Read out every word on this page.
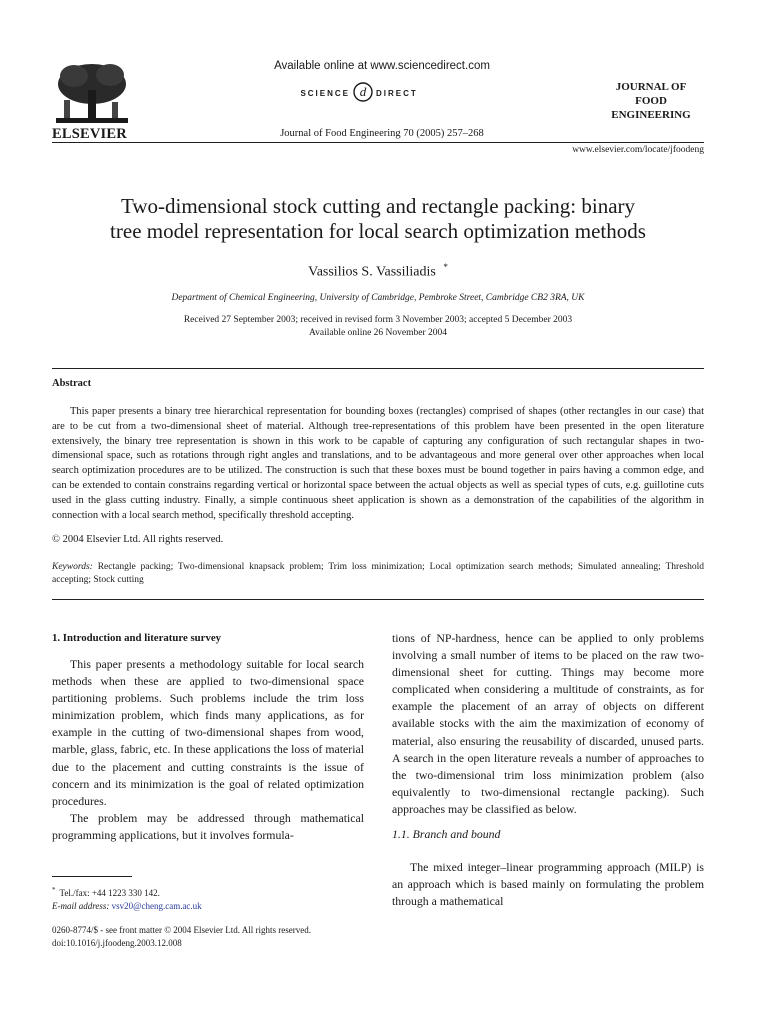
ELSEVIER
Available online at www.sciencedirect.com
SCIENCE d DIRECT
Journal of Food Engineering 70 (2005) 257–268
JOURNAL OF
FOOD
ENGINEERING
www.elsevier.com/locate/jfoodeng
Two-dimensional stock cutting and rectangle packing: binary
tree model representation for local search optimization methods
Vassilios S. Vassiliadis *
Department of Chemical Engineering, University of Cambridge, Pembroke Street, Cambridge CB2 3RA, UK
Received 27 September 2003; received in revised form 3 November 2003; accepted 5 December 2003
Available online 26 November 2004
Abstract
This paper presents a binary tree hierarchical representation for bounding boxes (rectangles) comprised of shapes (other rectangles in our case) that are to be cut from a two-dimensional sheet of material. Although tree-representations of this problem have been presented in the open literature extensively, the binary tree representation is shown in this work to be capable of capturing any configuration of such rectangular shapes in two-dimensional space, such as rotations through right angles and translations, and to be advantageous and more general over other approaches when local search optimization procedures are to be utilized. The construction is such that these boxes must be bound together in pairs having a common edge, and can be extended to contain constrains regarding vertical or horizontal space between the actual objects as well as special types of cuts, e.g. guillotine cuts used in the glass cutting industry. Finally, a simple continuous sheet application is shown as a demonstration of the capabilities of the algorithm in connection with a local search method, specifically threshold accepting.
© 2004 Elsevier Ltd. All rights reserved.
Keywords: Rectangle packing; Two-dimensional knapsack problem; Trim loss minimization; Local optimization search methods; Simulated annealing; Threshold accepting; Stock cutting
1. Introduction and literature survey

This paper presents a methodology suitable for local search methods when these are applied to two-dimensional space partitioning problems. Such problems include the trim loss minimization problem, which finds many applications, as for example in the cutting of two-dimensional shapes from wood, marble, glass, fabric, etc. In these applications the loss of material due to the placement and cutting constraints is the issue of concern and its minimization is the goal of related optimization procedures.

The problem may be addressed through mathematical programming applications, but it involves formula-

tions of NP-hardness, hence can be applied to only problems involving a small number of items to be placed on the raw two-dimensional sheet for cutting. Things may become more complicated when considering a multitude of constraints, as for example the placement of an array of objects on different available stocks with the aim the maximization of economy of material, also ensuring the reusability of discarded, unused parts. A search in the open literature reveals a number of approaches to the two-dimensional trim loss minimization problem (also equivalently to two-dimensional rectangle packing). Such approaches may be classified as below.

1.1. Branch and bound

The mixed integer–linear programming approach (MILP) is an approach which is based mainly on formulating the problem through a mathematical

* Tel./fax: +44 1223 330 142.
E-mail address: vsv20@cheng.cam.ac.uk
0260-8774/$ - see front matter © 2004 Elsevier Ltd. All rights reserved.
doi:10.1016/j.jfoodeng.2003.12.008
